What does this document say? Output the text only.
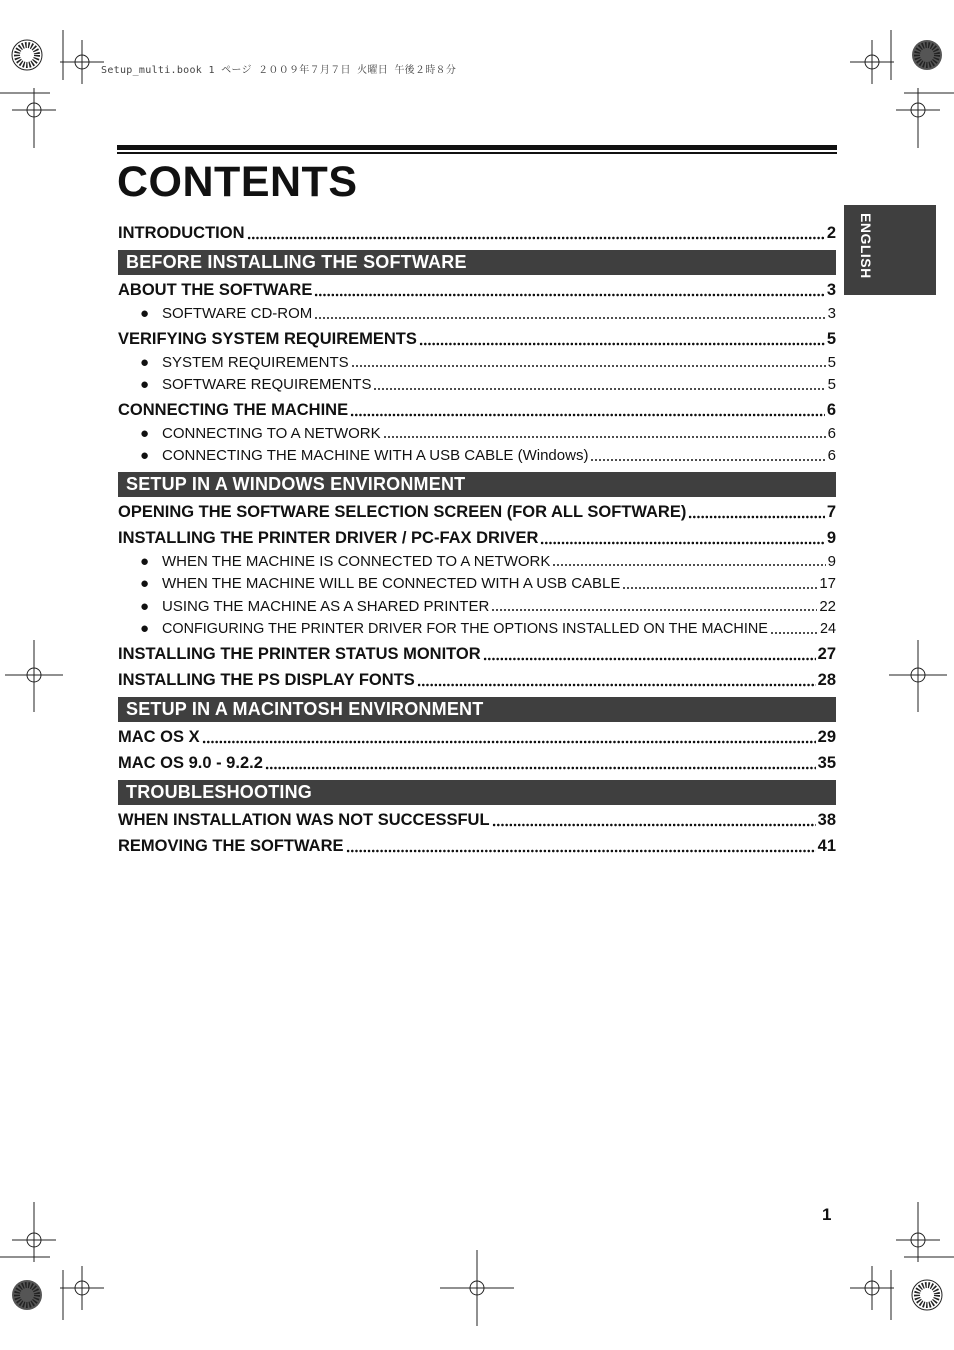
Setup_multi.book 1 ページ ２００９年７月７日 火曜日 午後２時８分
CONTENTS
ENGLISH
INTRODUCTION	2
BEFORE INSTALLING THE SOFTWARE
ABOUT THE SOFTWARE	3
● SOFTWARE CD-ROM	3
VERIFYING SYSTEM REQUIREMENTS	5
● SYSTEM REQUIREMENTS	5
● SOFTWARE REQUIREMENTS	5
CONNECTING THE MACHINE	6
● CONNECTING TO A NETWORK	6
● CONNECTING THE MACHINE WITH A USB CABLE (Windows)	6
SETUP IN A WINDOWS ENVIRONMENT
OPENING THE SOFTWARE SELECTION SCREEN (FOR ALL SOFTWARE)	7
INSTALLING THE PRINTER DRIVER / PC-FAX DRIVER	9
● WHEN THE MACHINE IS CONNECTED TO A NETWORK	9
● WHEN THE MACHINE WILL BE CONNECTED WITH A USB CABLE	17
● USING THE MACHINE AS A SHARED PRINTER	22
● CONFIGURING THE PRINTER DRIVER FOR THE OPTIONS INSTALLED ON THE MACHINE	24
INSTALLING THE PRINTER STATUS MONITOR	27
INSTALLING THE PS DISPLAY FONTS	28
SETUP IN A MACINTOSH ENVIRONMENT
MAC OS X	29
MAC OS 9.0 - 9.2.2	35
TROUBLESHOOTING
WHEN INSTALLATION WAS NOT SUCCESSFUL	38
REMOVING THE SOFTWARE	41
1
